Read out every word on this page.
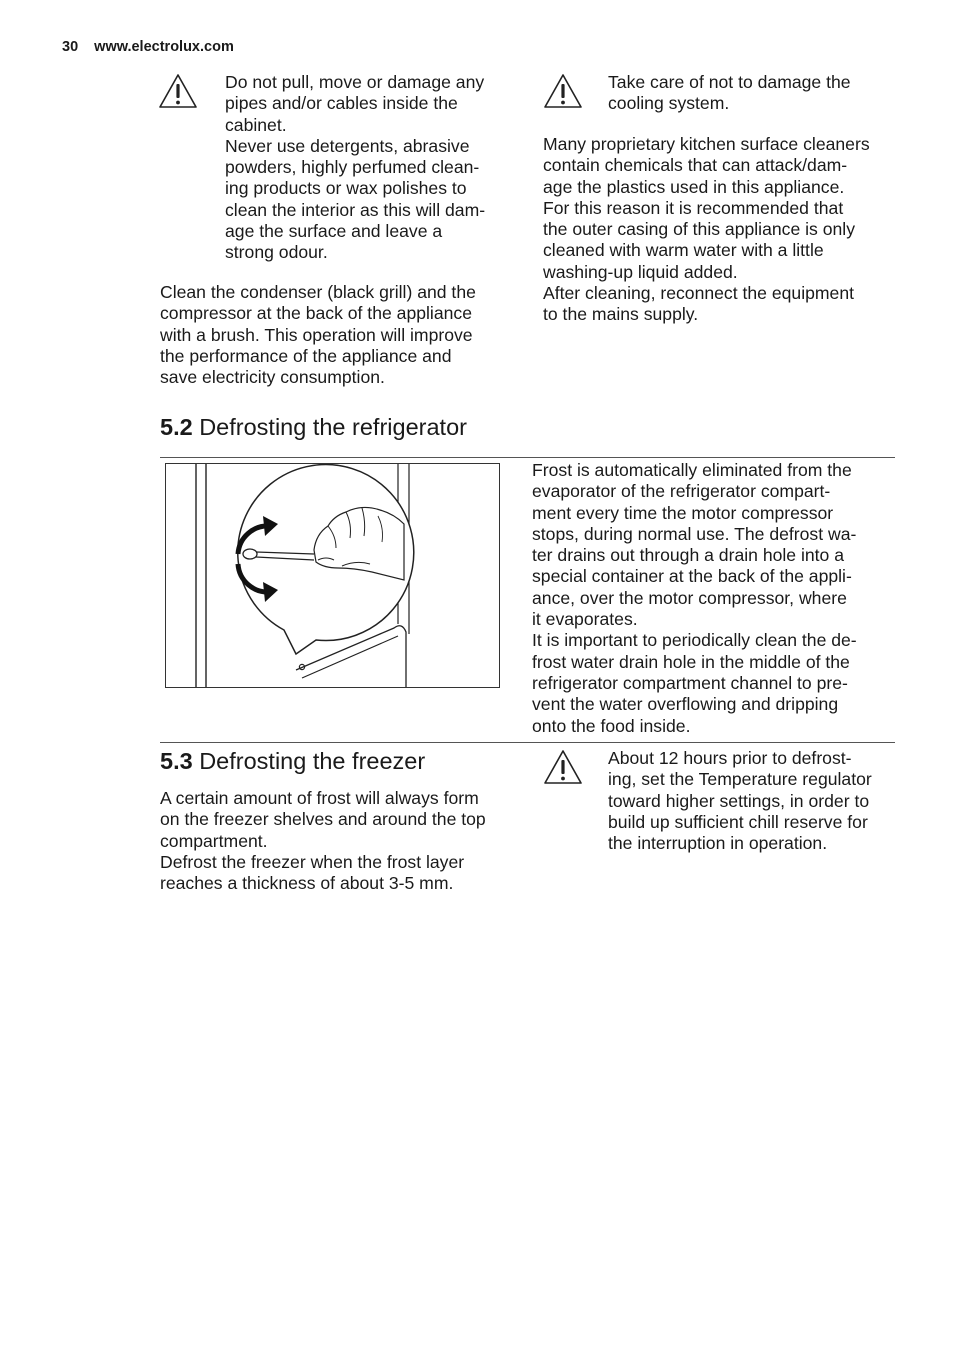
30 www.electrolux.com

Do not pull, move or damage any
pipes and/or cables inside the
cabinet.
Never use detergents, abrasive
powders, highly perfumed clean-
ing products or wax polishes to
clean the interior as this will dam-
age the surface and leave a
strong odour.

Clean the condenser (black grill) and the
compressor at the back of the appliance
with a brush. This operation will improve
the performance of the appliance and
save electricity consumption.

Take care of not to damage the
cooling system.

Many proprietary kitchen surface cleaners
contain chemicals that can attack/dam-
age the plastics used in this appliance.
For this reason it is recommended that
the outer casing of this appliance is only
cleaned with warm water with a little
washing-up liquid added.
After cleaning, reconnect the equipment
to the mains supply.

5.2 Defrosting the refrigerator

Frost is automatically eliminated from the
evaporator of the refrigerator compart-
ment every time the motor compressor
stops, during normal use. The defrost wa-
ter drains out through a drain hole into a
special container at the back of the appli-
ance, over the motor compressor, where
it evaporates.
It is important to periodically clean the de-
frost water drain hole in the middle of the
refrigerator compartment channel to pre-
vent the water overflowing and dripping
onto the food inside.

5.3 Defrosting the freezer

A certain amount of frost will always form
on the freezer shelves and around the top
compartment.
Defrost the freezer when the frost layer
reaches a thickness of about 3-5 mm.

About 12 hours prior to defrost-
ing, set the Temperature regulator
toward higher settings, in order to
build up sufficient chill reserve for
the interruption in operation.
